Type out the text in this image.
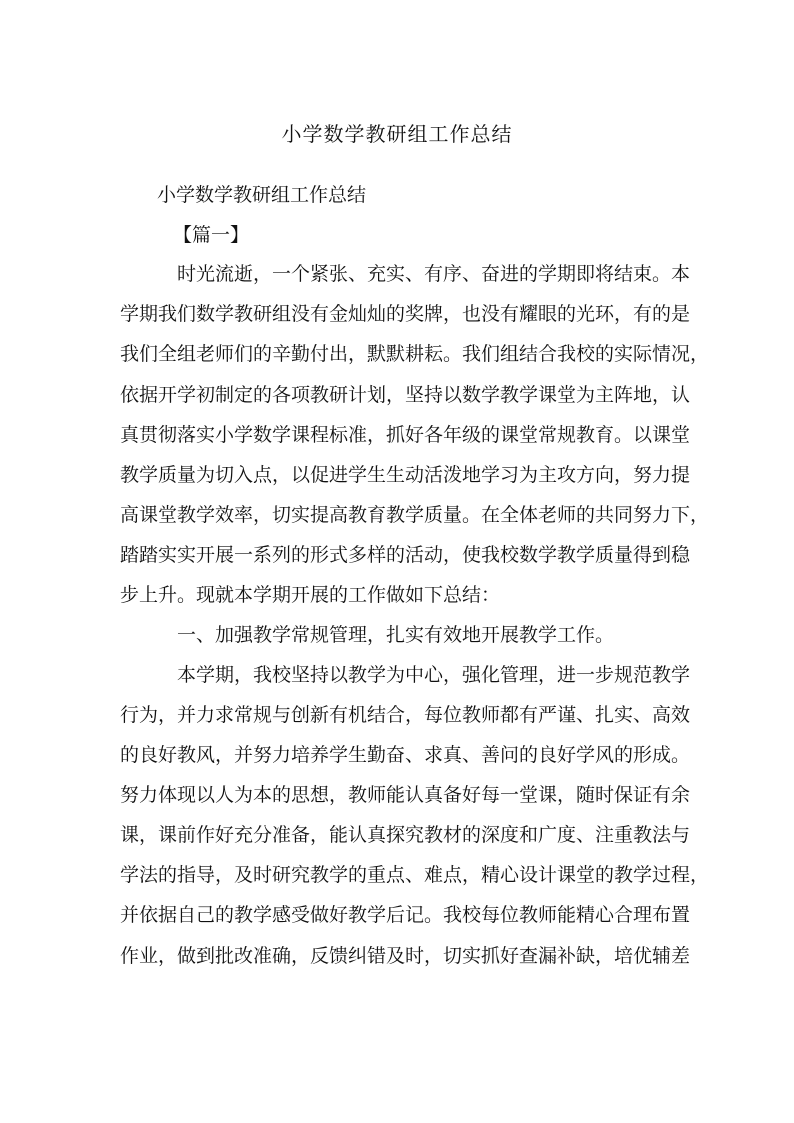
小学数学教研组工作总结

小学数学教研组工作总结

【篇一】

时光流逝，一个紧张、充实、有序、奋进的学期即将结束。本

学期我们数学教研组没有金灿灿的奖牌，也没有耀眼的光环，有的是

我们全组老师们的辛勤付出，默默耕耘。我们组结合我校的实际情况，

依据开学初制定的各项教研计划，坚持以数学教学课堂为主阵地，认

真贯彻落实小学数学课程标准，抓好各年级的课堂常规教育。以课堂

教学质量为切入点，以促进学生生动活泼地学习为主攻方向，努力提

高课堂教学效率，切实提高教育教学质量。在全体老师的共同努力下，

踏踏实实开展一系列的形式多样的活动，使我校数学教学质量得到稳

步上升。现就本学期开展的工作做如下总结：

一、加强教学常规管理，扎实有效地开展教学工作。

本学期，我校坚持以教学为中心，强化管理，进一步规范教学

行为，并力求常规与创新有机结合，每位教师都有严谨、扎实、高效

的良好教风，并努力培养学生勤奋、求真、善问的良好学风的形成。

努力体现以人为本的思想，教师能认真备好每一堂课，随时保证有余

课，课前作好充分准备，能认真探究教材的深度和广度、注重教法与

学法的指导，及时研究教学的重点、难点，精心设计课堂的教学过程，

并依据自己的教学感受做好教学后记。我校每位教师能精心合理布置

作业，做到批改准确，反馈纠错及时，切实抓好查漏补缺，培优辅差
